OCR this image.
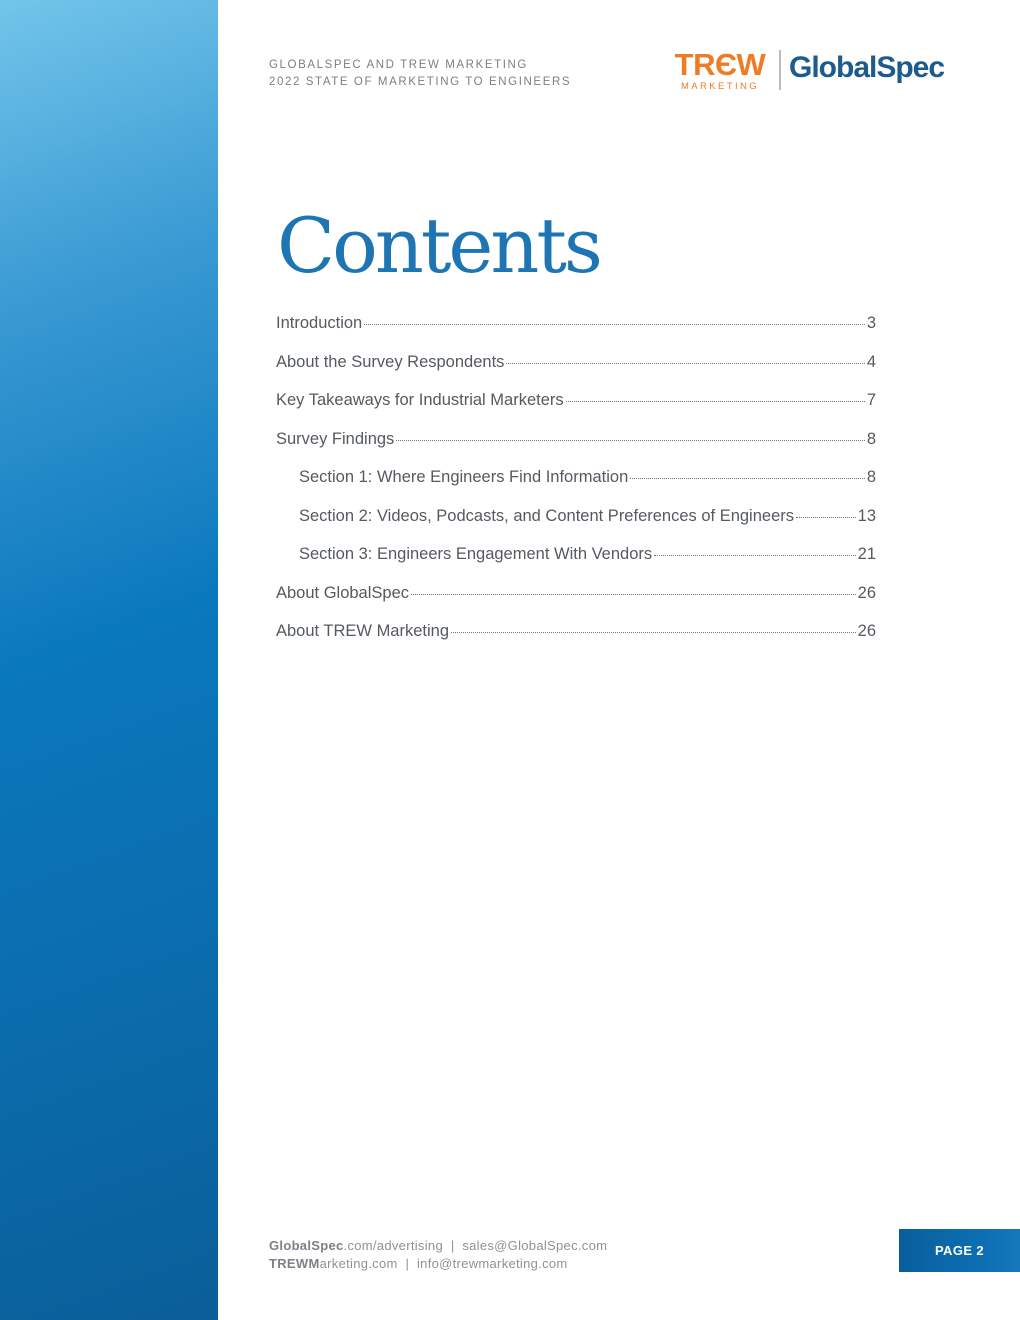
GLOBALSPEC AND TREW MARKETING
2022 STATE OF MARKETING TO ENGINEERS	TRЄW
MARKETING
GlobalSpec
Contents
Introduction	3
About the Survey Respondents	4
Key Takeaways for Industrial Marketers	7
Survey Findings	8
Section 1: Where Engineers Find Information	8
Section 2: Videos, Podcasts, and Content Preferences of Engineers	13
Section 3: Engineers Engagement With Vendors	21
About GlobalSpec	26
About TREW Marketing	26
GlobalSpec.com/advertising | sales@GlobalSpec.com
TREWMarketing.com | info@trewmarketing.com
PAGE 2
